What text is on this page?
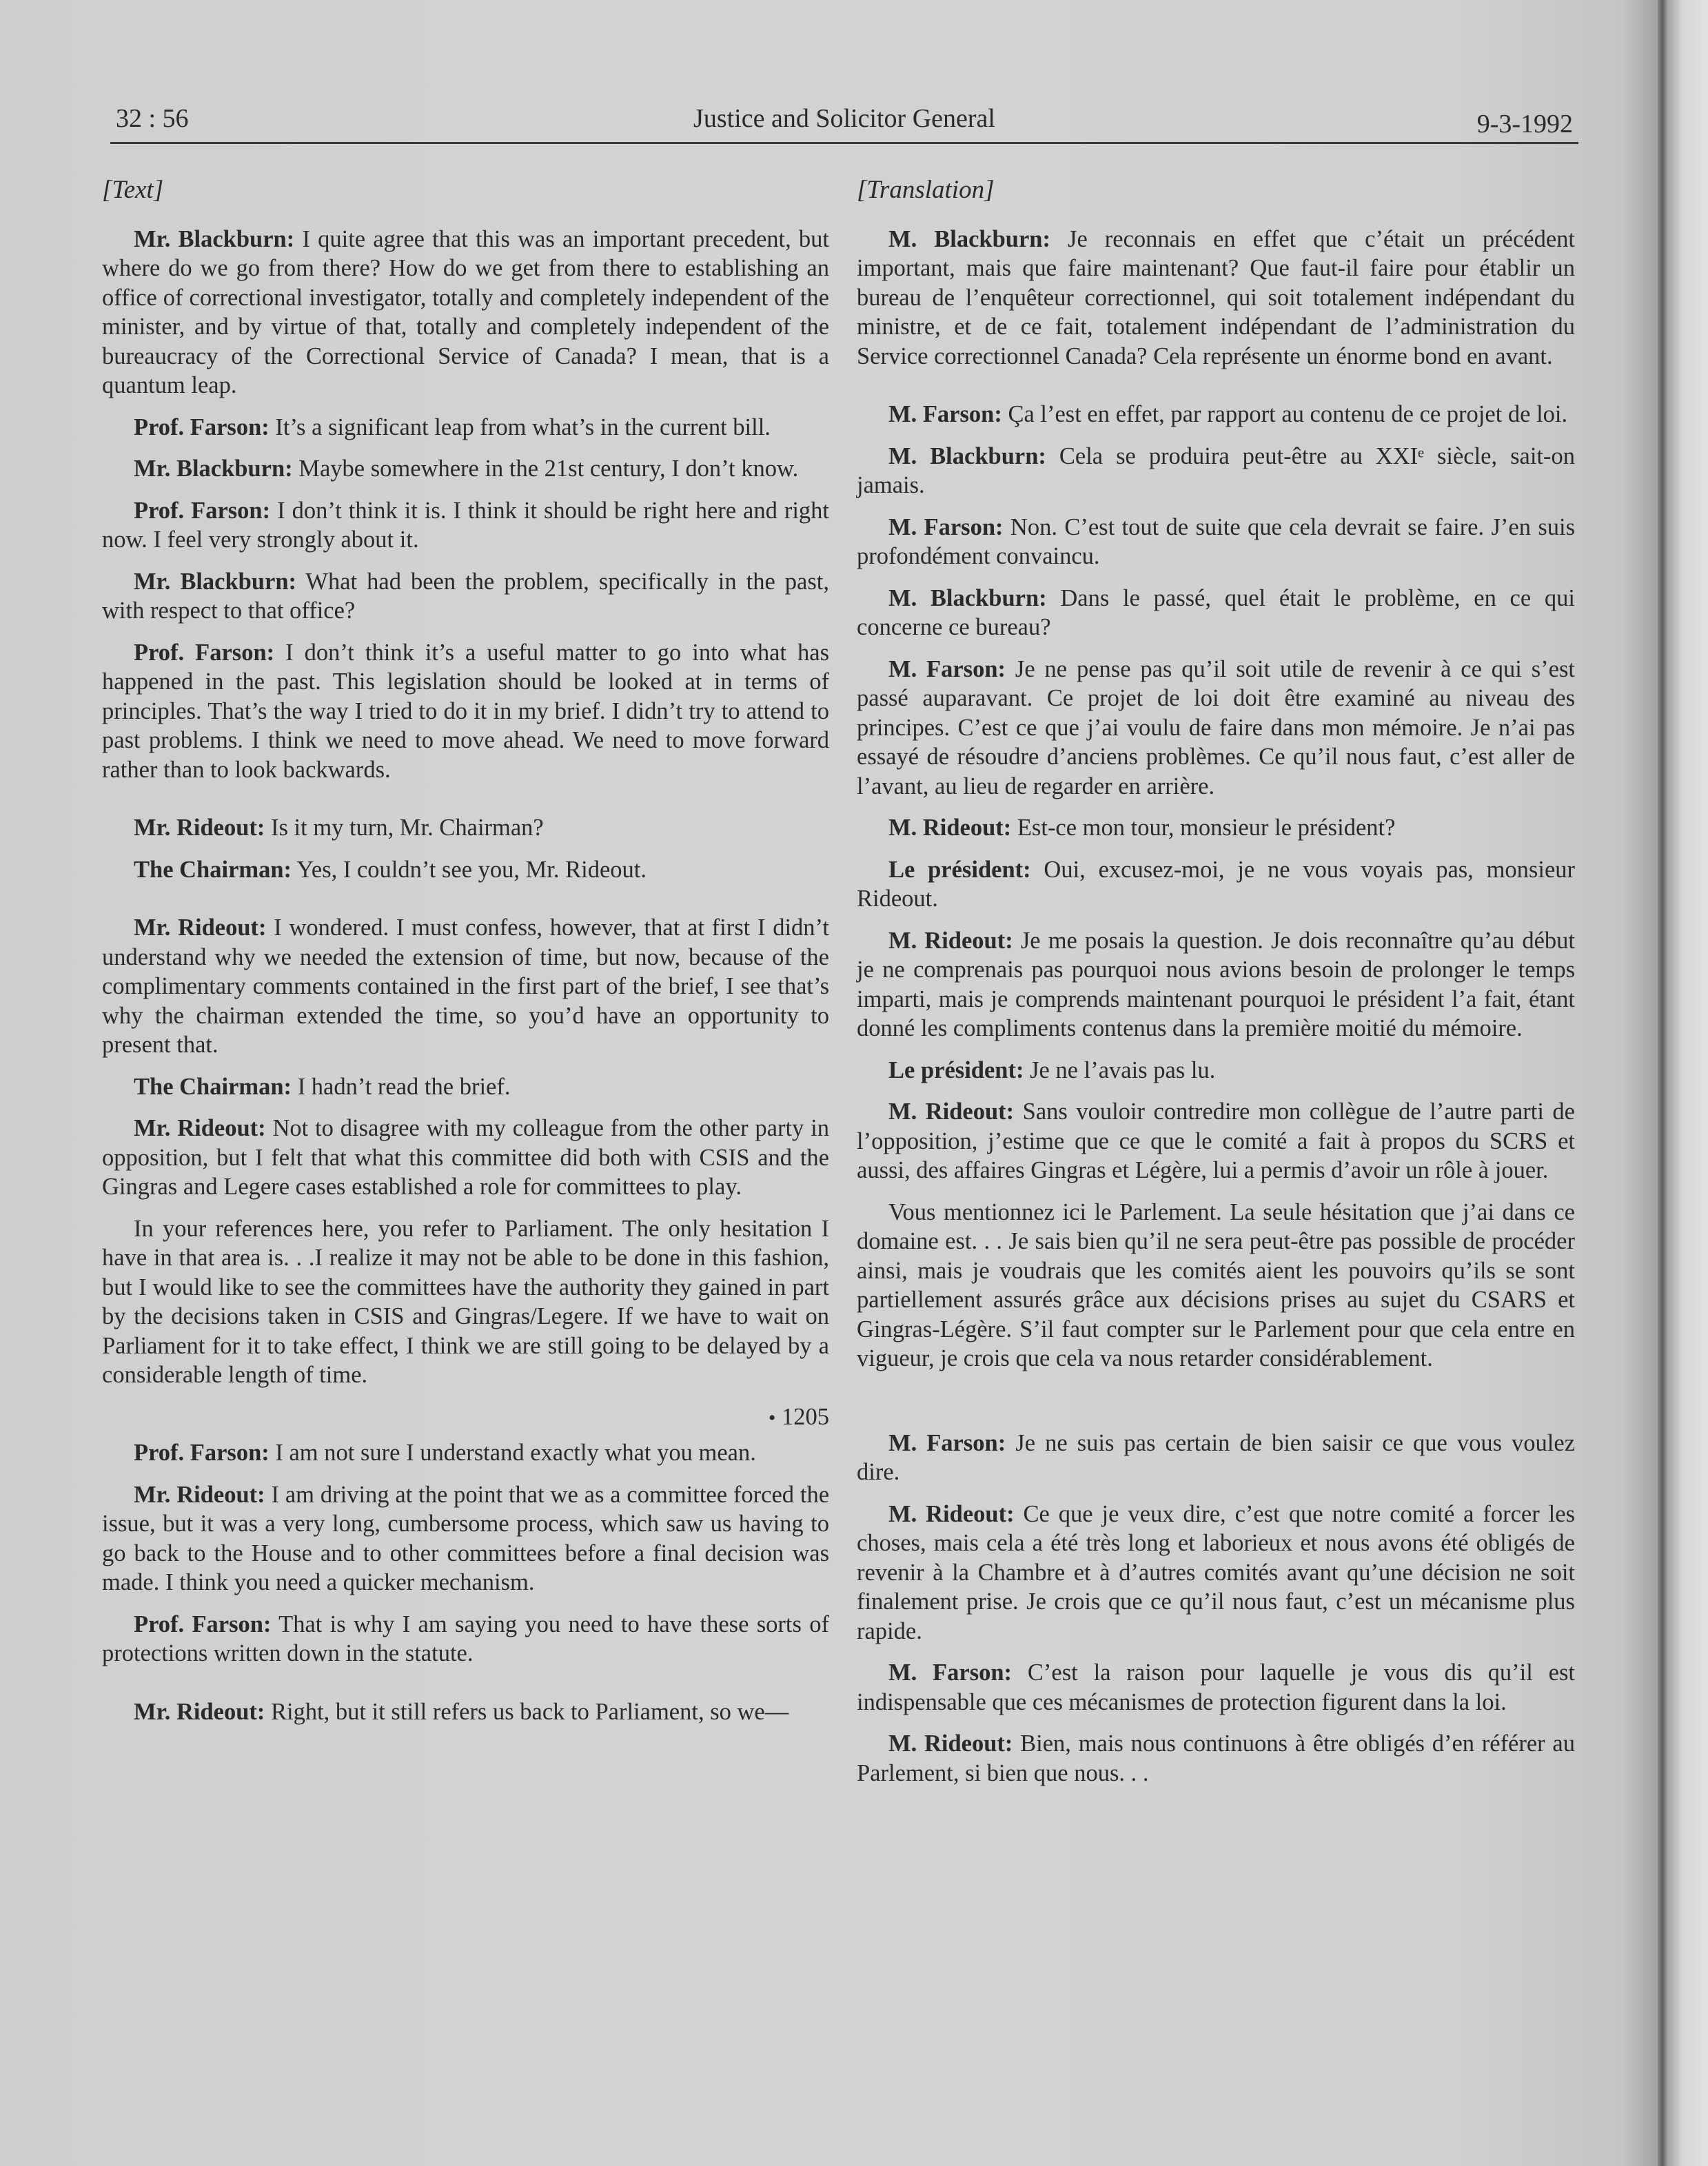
32 : 56	Justice and Solicitor General	9-3-1992

[Text]

Mr. Blackburn: I quite agree that this was an important precedent, but where do we go from there? How do we get from there to establishing an office of correctional investigator, totally and completely independent of the minister, and by virtue of that, totally and completely independent of the bureaucracy of the Correctional Service of Canada? I mean, that is a quantum leap.

Prof. Farson: It’s a significant leap from what’s in the current bill.

Mr. Blackburn: Maybe somewhere in the 21st century, I don’t know.

Prof. Farson: I don’t think it is. I think it should be right here and right now. I feel very strongly about it.

Mr. Blackburn: What had been the problem, specifically in the past, with respect to that office?

Prof. Farson: I don’t think it’s a useful matter to go into what has happened in the past. This legislation should be looked at in terms of principles. That’s the way I tried to do it in my brief. I didn’t try to attend to past problems. I think we need to move ahead. We need to move forward rather than to look backwards.

Mr. Rideout: Is it my turn, Mr. Chairman?

The Chairman: Yes, I couldn’t see you, Mr. Rideout.

Mr. Rideout: I wondered. I must confess, however, that at first I didn’t understand why we needed the extension of time, but now, because of the complimentary comments contained in the first part of the brief, I see that’s why the chairman extended the time, so you’d have an opportunity to present that.

The Chairman: I hadn’t read the brief.

Mr. Rideout: Not to disagree with my colleague from the other party in opposition, but I felt that what this committee did both with CSIS and the Gingras and Legere cases established a role for committees to play.

In your references here, you refer to Parliament. The only hesitation I have in that area is. . .I realize it may not be able to be done in this fashion, but I would like to see the committees have the authority they gained in part by the decisions taken in CSIS and Gingras/Legere. If we have to wait on Parliament for it to take effect, I think we are still going to be delayed by a considerable length of time.

• 1205

Prof. Farson: I am not sure I understand exactly what you mean.

Mr. Rideout: I am driving at the point that we as a committee forced the issue, but it was a very long, cumbersome process, which saw us having to go back to the House and to other committees before a final decision was made. I think you need a quicker mechanism.

Prof. Farson: That is why I am saying you need to have these sorts of protections written down in the statute.

Mr. Rideout: Right, but it still refers us back to Parliament, so we—

[Translation]

M. Blackburn: Je reconnais en effet que c’était un précédent important, mais que faire maintenant? Que faut-il faire pour établir un bureau de l’enquêteur correctionnel, qui soit totalement indépendant du ministre, et de ce fait, totalement indépendant de l’administration du Service correctionnel Canada? Cela représente un énorme bond en avant.

M. Farson: Ça l’est en effet, par rapport au contenu de ce projet de loi.

M. Blackburn: Cela se produira peut-être au XXIᵉ siècle, sait-on jamais.

M. Farson: Non. C’est tout de suite que cela devrait se faire. J’en suis profondément convaincu.

M. Blackburn: Dans le passé, quel était le problème, en ce qui concerne ce bureau?

M. Farson: Je ne pense pas qu’il soit utile de revenir à ce qui s’est passé auparavant. Ce projet de loi doit être examiné au niveau des principes. C’est ce que j’ai voulu de faire dans mon mémoire. Je n’ai pas essayé de résoudre d’anciens problèmes. Ce qu’il nous faut, c’est aller de l’avant, au lieu de regarder en arrière.

M. Rideout: Est-ce mon tour, monsieur le président?

Le président: Oui, excusez-moi, je ne vous voyais pas, monsieur Rideout.

M. Rideout: Je me posais la question. Je dois reconnaître qu’au début je ne comprenais pas pourquoi nous avions besoin de prolonger le temps imparti, mais je comprends maintenant pourquoi le président l’a fait, étant donné les compliments contenus dans la première moitié du mémoire.

Le président: Je ne l’avais pas lu.

M. Rideout: Sans vouloir contredire mon collègue de l’autre parti de l’opposition, j’estime que ce que le comité a fait à propos du SCRS et aussi, des affaires Gingras et Légère, lui a permis d’avoir un rôle à jouer.

Vous mentionnez ici le Parlement. La seule hésitation que j’ai dans ce domaine est. . . Je sais bien qu’il ne sera peut-être pas possible de procéder ainsi, mais je voudrais que les comités aient les pouvoirs qu’ils se sont partiellement assurés grâce aux décisions prises au sujet du CSARS et Gingras-Légère. S’il faut compter sur le Parlement pour que cela entre en vigueur, je crois que cela va nous retarder considérablement.

M. Farson: Je ne suis pas certain de bien saisir ce que vous voulez dire.

M. Rideout: Ce que je veux dire, c’est que notre comité a forcer les choses, mais cela a été très long et laborieux et nous avons été obligés de revenir à la Chambre et à d’autres comités avant qu’une décision ne soit finalement prise. Je crois que ce qu’il nous faut, c’est un mécanisme plus rapide.

M. Farson: C’est la raison pour laquelle je vous dis qu’il est indispensable que ces mécanismes de protection figurent dans la loi.

M. Rideout: Bien, mais nous continuons à être obligés d’en référer au Parlement, si bien que nous. . .
